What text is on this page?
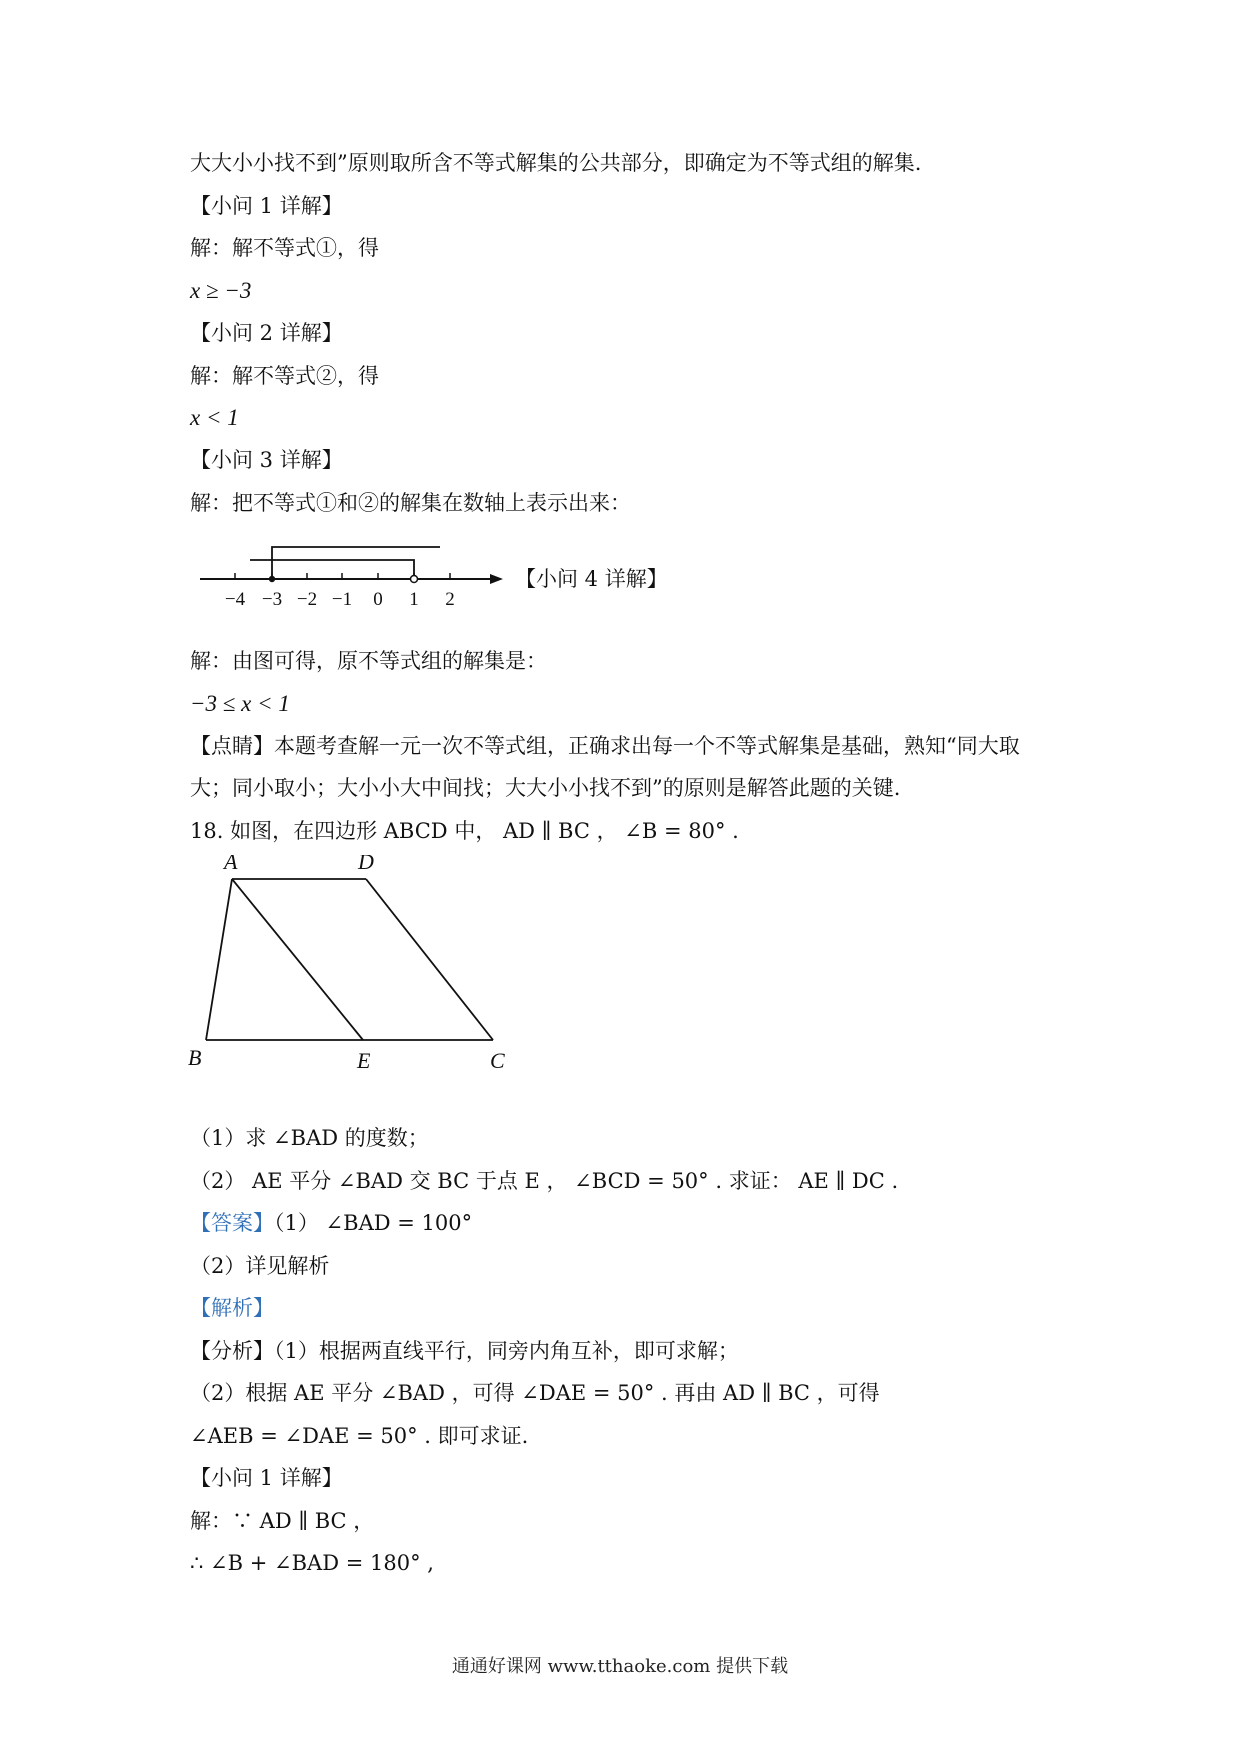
大大小小找不到”原则取所含不等式解集的公共部分，即确定为不等式组的解集.
【小问 1 详解】
解：解不等式①，得
x ≥ −3
【小问 2 详解】
解：解不等式②，得
x < 1
【小问 3 详解】
解：把不等式①和②的解集在数轴上表示出来：
−4 −3 −2 −1 0 1 2
【小问 4 详解】
解：由图可得，原不等式组的解集是：
−3 ≤ x < 1
【点睛】本题考查解一元一次不等式组，正确求出每一个不等式解集是基础，熟知“同大取
大；同小取小；大小小大中间找；大大小小找不到”的原则是解答此题的关键.
18. 如图，在四边形 ABCD 中， AD ∥ BC ， ∠B = 80° .
A	D
B	E	C
（1）求 ∠BAD 的度数；
（2） AE 平分 ∠BAD 交 BC 于点 E ， ∠BCD = 50° . 求证： AE ∥ DC .
【答案】（1） ∠BAD = 100°
（2）详见解析
【解析】
【分析】（1）根据两直线平行，同旁内角互补，即可求解；
（2）根据 AE 平分 ∠BAD ，可得 ∠DAE = 50° . 再由 AD ∥ BC ，可得
∠AEB = ∠DAE = 50° . 即可求证.
【小问 1 详解】
解：∵ AD ∥ BC ，
∴ ∠B + ∠BAD = 180° ,
通通好课网 www.tthaoke.com 提供下载
